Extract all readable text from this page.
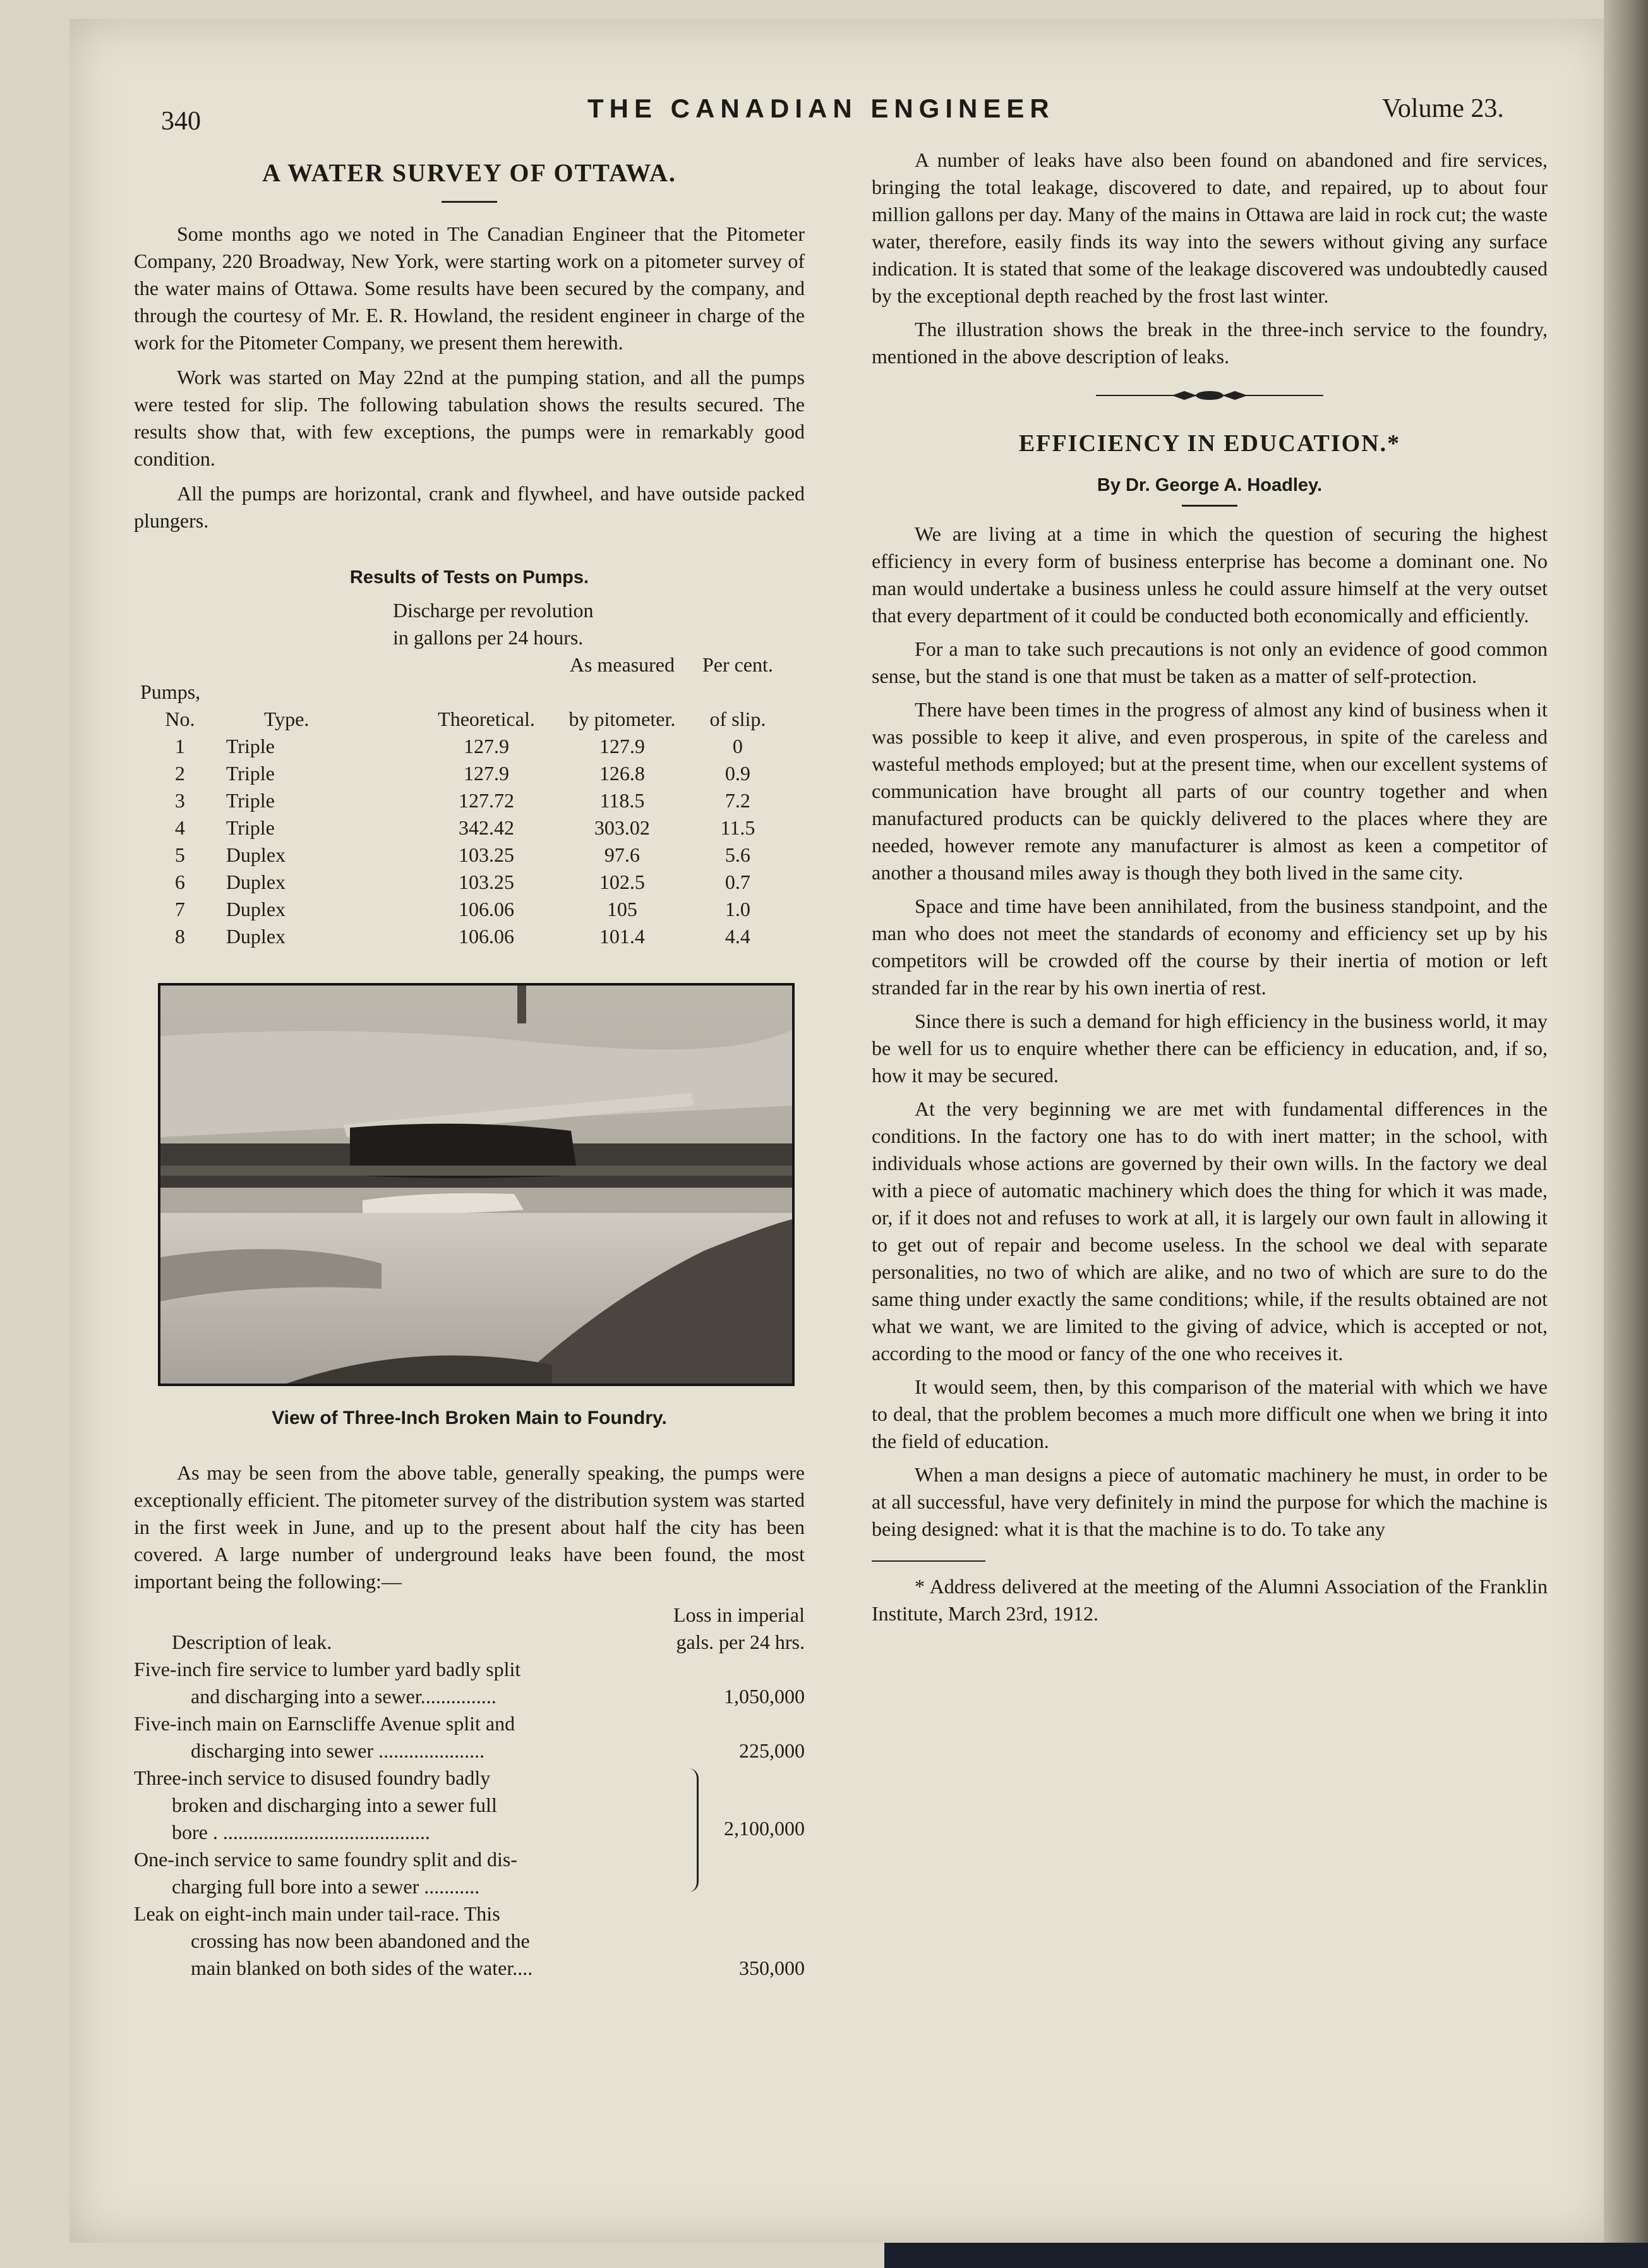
340	THE CANADIAN ENGINEER	Volume 23.
A WATER SURVEY OF OTTAWA.

Some months ago we noted in The Canadian Engineer that the Pitometer Company, 220 Broadway, New York, were starting work on a pitometer survey of the water mains of Ottawa. Some results have been secured by the company, and through the courtesy of Mr. E. R. Howland, the resident engineer in charge of the work for the Pitometer Company, we present them herewith.

Work was started on May 22nd at the pumping station, and all the pumps were tested for slip. The following tabulation shows the results secured. The results show that, with few exceptions, the pumps were in remarkably good condition.

All the pumps are horizontal, crank and flywheel, and have outside packed plungers.

Results of Tests on Pumps.
Discharge per revolution				
in gallons per 24 hours.				
			As measured	Per cent.
Pumps,				
No.	Type.	Theoretical.	by pitometer.	of slip.
1	Triple	127.9	127.9	0
2	Triple	127.9	126.8	0.9
3	Triple	127.72	118.5	7.2
4	Triple	342.42	303.02	11.5
5	Duplex	103.25	97.6	5.6
6	Duplex	103.25	102.5	0.7
7	Duplex	106.06	105	1.0
8	Duplex	106.06	101.4	4.4
View of Three-Inch Broken Main to Foundry.

As may be seen from the above table, generally speaking, the pumps were exceptionally efficient. The pitometer survey of the distribution system was started in the first week in June, and up to the present about half the city has been covered. A large number of underground leaks have been found, the most important being the following:—

Description of leak.
Loss in imperial
gals. per 24 hrs.
Five-inch fire service to lumber yard badly split
and discharging into a sewer...............	1,050,000
Five-inch main on Earnscliffe Avenue split and
discharging into sewer .....................	225,000
Three-inch service to disused foundry badly
broken and discharging into a sewer full
bore . .........................................
One-inch service to same foundry split and dis-
charging full bore into a sewer ...........
2,100,000
Leak on eight-inch main under tail-race. This
crossing has now been abandoned and the
main blanked on both sides of the water....	350,000

A number of leaks have also been found on abandoned and fire services, bringing the total leakage, discovered to date, and repaired, up to about four million gallons per day. Many of the mains in Ottawa are laid in rock cut; the waste water, therefore, easily finds its way into the sewers without giving any surface indication. It is stated that some of the leakage discovered was undoubtedly caused by the exceptional depth reached by the frost last winter.

The illustration shows the break in the three-inch service to the foundry, mentioned in the above description of leaks.

EFFICIENCY IN EDUCATION.*
By Dr. George A. Hoadley.

We are living at a time in which the question of securing the highest efficiency in every form of business enterprise has become a dominant one. No man would undertake a business unless he could assure himself at the very outset that every department of it could be conducted both economically and efficiently.

For a man to take such precautions is not only an evidence of good common sense, but the stand is one that must be taken as a matter of self-protection.

There have been times in the progress of almost any kind of business when it was possible to keep it alive, and even prosperous, in spite of the careless and wasteful methods employed; but at the present time, when our excellent systems of communication have brought all parts of our country together and when manufactured products can be quickly delivered to the places where they are needed, however remote any manufacturer is almost as keen a competitor of another a thousand miles away is though they both lived in the same city.

Space and time have been annihilated, from the business standpoint, and the man who does not meet the standards of economy and efficiency set up by his competitors will be crowded off the course by their inertia of motion or left stranded far in the rear by his own inertia of rest.

Since there is such a demand for high efficiency in the business world, it may be well for us to enquire whether there can be efficiency in education, and, if so, how it may be secured.

At the very beginning we are met with fundamental differences in the conditions. In the factory one has to do with inert matter; in the school, with individuals whose actions are governed by their own wills. In the factory we deal with a piece of automatic machinery which does the thing for which it was made, or, if it does not and refuses to work at all, it is largely our own fault in allowing it to get out of repair and become useless. In the school we deal with separate personalities, no two of which are alike, and no two of which are sure to do the same thing under exactly the same conditions; while, if the results obtained are not what we want, we are limited to the giving of advice, which is accepted or not, according to the mood or fancy of the one who receives it.

It would seem, then, by this comparison of the material with which we have to deal, that the problem becomes a much more difficult one when we bring it into the field of education.

When a man designs a piece of automatic machinery he must, in order to be at all successful, have very definitely in mind the purpose for which the machine is being designed: what it is that the machine is to do. To take any

* Address delivered at the meeting of the Alumni Association of the Franklin Institute, March 23rd, 1912.
